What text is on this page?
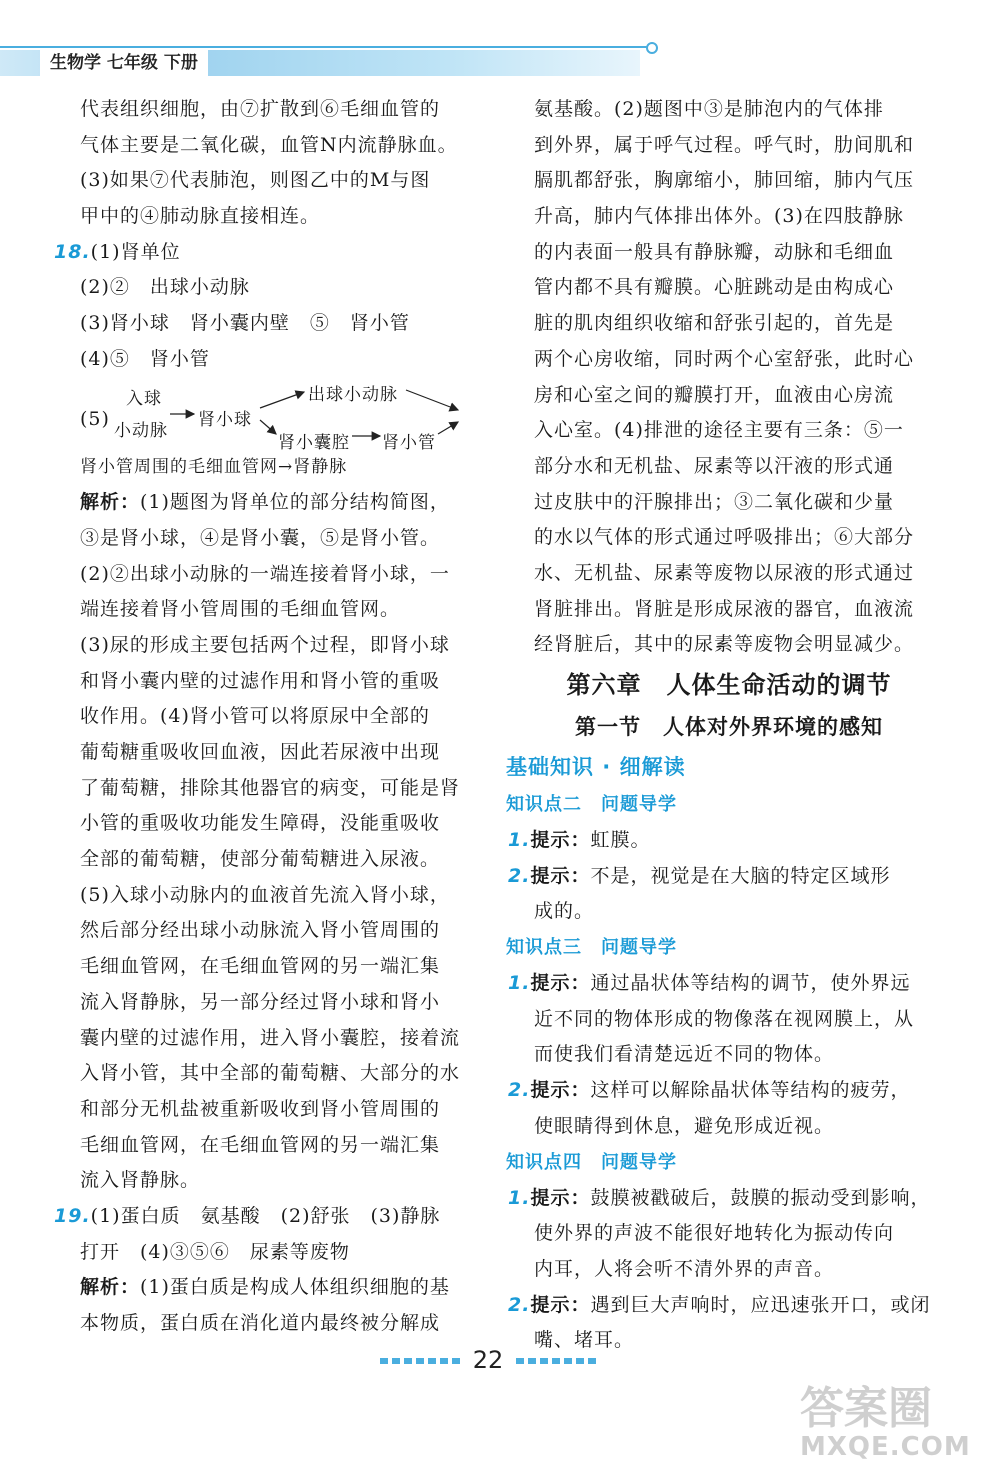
生物学 七年级 下册
代表组织细胞，由⑦扩散到⑥毛细血管的
气体主要是二氧化碳，血管N内流静脉血。
(3)如果⑦代表肺泡，则图乙中的M与图
甲中的④肺动脉直接相连。
18.(1)肾单位
(2)②　出球小动脉
(3)肾小球　肾小囊内壁　⑤　肾小管
(4)⑤　肾小管
(5)
入球
小动脉
肾小球
出球小动脉
肾小囊腔 肾小管
肾小管周围的毛细血管网→肾静脉
解析：(1)题图为肾单位的部分结构简图，
③是肾小球，④是肾小囊，⑤是肾小管。
(2)②出球小动脉的一端连接着肾小球，一
端连接着肾小管周围的毛细血管网。
(3)尿的形成主要包括两个过程，即肾小球
和肾小囊内壁的过滤作用和肾小管的重吸
收作用。(4)肾小管可以将原尿中全部的
葡萄糖重吸收回血液，因此若尿液中出现
了葡萄糖，排除其他器官的病变，可能是肾
小管的重吸收功能发生障碍，没能重吸收
全部的葡萄糖，使部分葡萄糖进入尿液。
(5)入球小动脉内的血液首先流入肾小球，
然后部分经出球小动脉流入肾小管周围的
毛细血管网，在毛细血管网的另一端汇集
流入肾静脉，另一部分经过肾小球和肾小
囊内壁的过滤作用，进入肾小囊腔，接着流
入肾小管，其中全部的葡萄糖、大部分的水
和部分无机盐被重新吸收到肾小管周围的
毛细血管网，在毛细血管网的另一端汇集
流入肾静脉。
19.(1)蛋白质　氨基酸　(2)舒张　(3)静脉
打开　(4)③⑤⑥　尿素等废物
解析：(1)蛋白质是构成人体组织细胞的基
本物质，蛋白质在消化道内最终被分解成
氨基酸。(2)题图中③是肺泡内的气体排
到外界，属于呼气过程。呼气时，肋间肌和
膈肌都舒张，胸廓缩小，肺回缩，肺内气压
升高，肺内气体排出体外。(3)在四肢静脉
的内表面一般具有静脉瓣，动脉和毛细血
管内都不具有瓣膜。心脏跳动是由构成心
脏的肌肉组织收缩和舒张引起的，首先是
两个心房收缩，同时两个心室舒张，此时心
房和心室之间的瓣膜打开，血液由心房流
入心室。(4)排泄的途径主要有三条：⑤一
部分水和无机盐、尿素等以汗液的形式通
过皮肤中的汗腺排出；③二氧化碳和少量
的水以气体的形式通过呼吸排出；⑥大部分
水、无机盐、尿素等废物以尿液的形式通过
肾脏排出。肾脏是形成尿液的器官，血液流
经肾脏后，其中的尿素等废物会明显减少。
第六章　人体生命活动的调节
第一节　人体对外界环境的感知
基础知识 · 细解读
知识点二　问题导学
1.提示：虹膜。
2.提示：不是，视觉是在大脑的特定区域形
成的。
知识点三　问题导学
1.提示：通过晶状体等结构的调节，使外界远
近不同的物体形成的物像落在视网膜上，从
而使我们看清楚远近不同的物体。
2.提示：这样可以解除晶状体等结构的疲劳，
使眼睛得到休息，避免形成近视。
知识点四　问题导学
1.提示：鼓膜被戳破后，鼓膜的振动受到影响，
使外界的声波不能很好地转化为振动传向
内耳，人将会听不清外界的声音。
2.提示：遇到巨大声响时，应迅速张开口，或闭
嘴、堵耳。
22
答案圈
MXQE.COM
